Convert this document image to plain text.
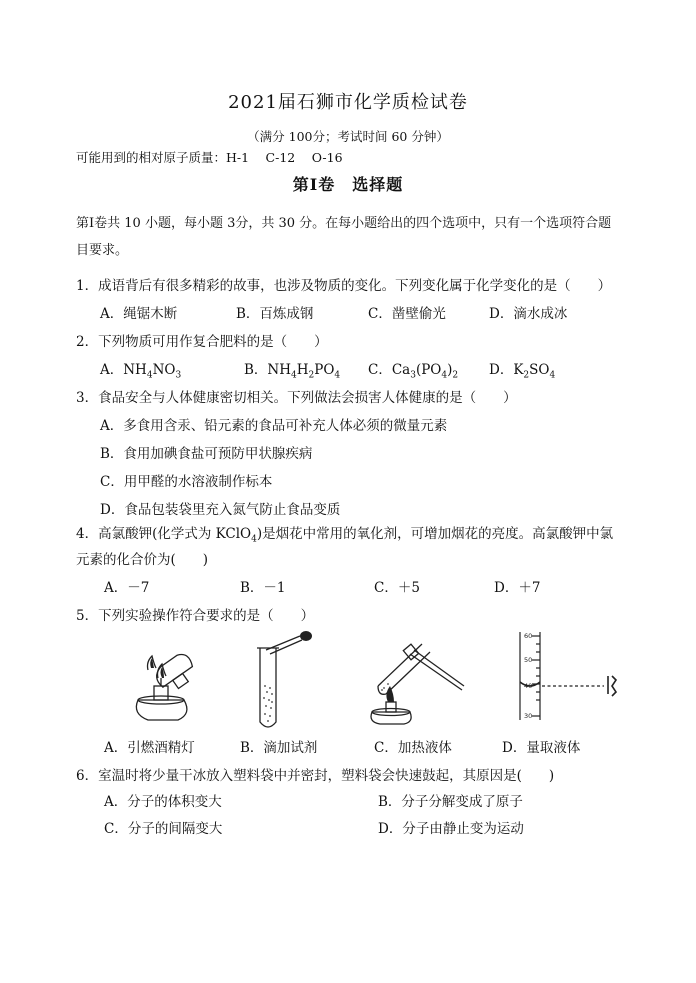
2021届石狮市化学质检试卷
（满分 100分；考试时间 60 分钟）
可能用到的相对原子质量：H-1　 C-12　 O-16
第Ⅰ卷　选择题
第Ⅰ卷共 10 小题，每小题 3分，共 30 分。在每小题给出的四个选项中，只有一个选项符合题目要求。
1．成语背后有很多精彩的故事，也涉及物质的变化。下列变化属于化学变化的是（　　）
A．绳锯木断	B．百炼成钢	C．凿壁偷光	D．滴水成冰
2．下列物质可用作复合肥料的是（　　）
A．$NH_4NO_3$	B．$NH_4H_2PO_4$ C．$Ca_3(PO_4)_2$ D．$K_2SO_4$
3．食品安全与人体健康密切相关。下列做法会损害人体健康的是（　　）
A．多食用含汞、铅元素的食品可补充人体必须的微量元素
B．食用加碘食盐可预防甲状腺疾病
C．用甲醛的水溶液制作标本
D．食品包装袋里充入氮气防止食品变质
4．高氯酸钾(化学式为 KClO$_4$)是烟花中常用的氧化剂，可增加烟花的亮度。高氯酸钾中氯
元素的化合价为(　　)
A．－7	B．－1	C．＋5	D．＋7
5．下列实验操作符合要求的是（　　）
60
50
40
30
A．引燃酒精灯	B．滴加试剂	C．加热液体	D．量取液体
6．室温时将少量干冰放入塑料袋中并密封，塑料袋会快速鼓起，其原因是(　　)
A．分子的体积变大	B．分子分解变成了原子
C．分子的间隔变大	D．分子由静止变为运动
